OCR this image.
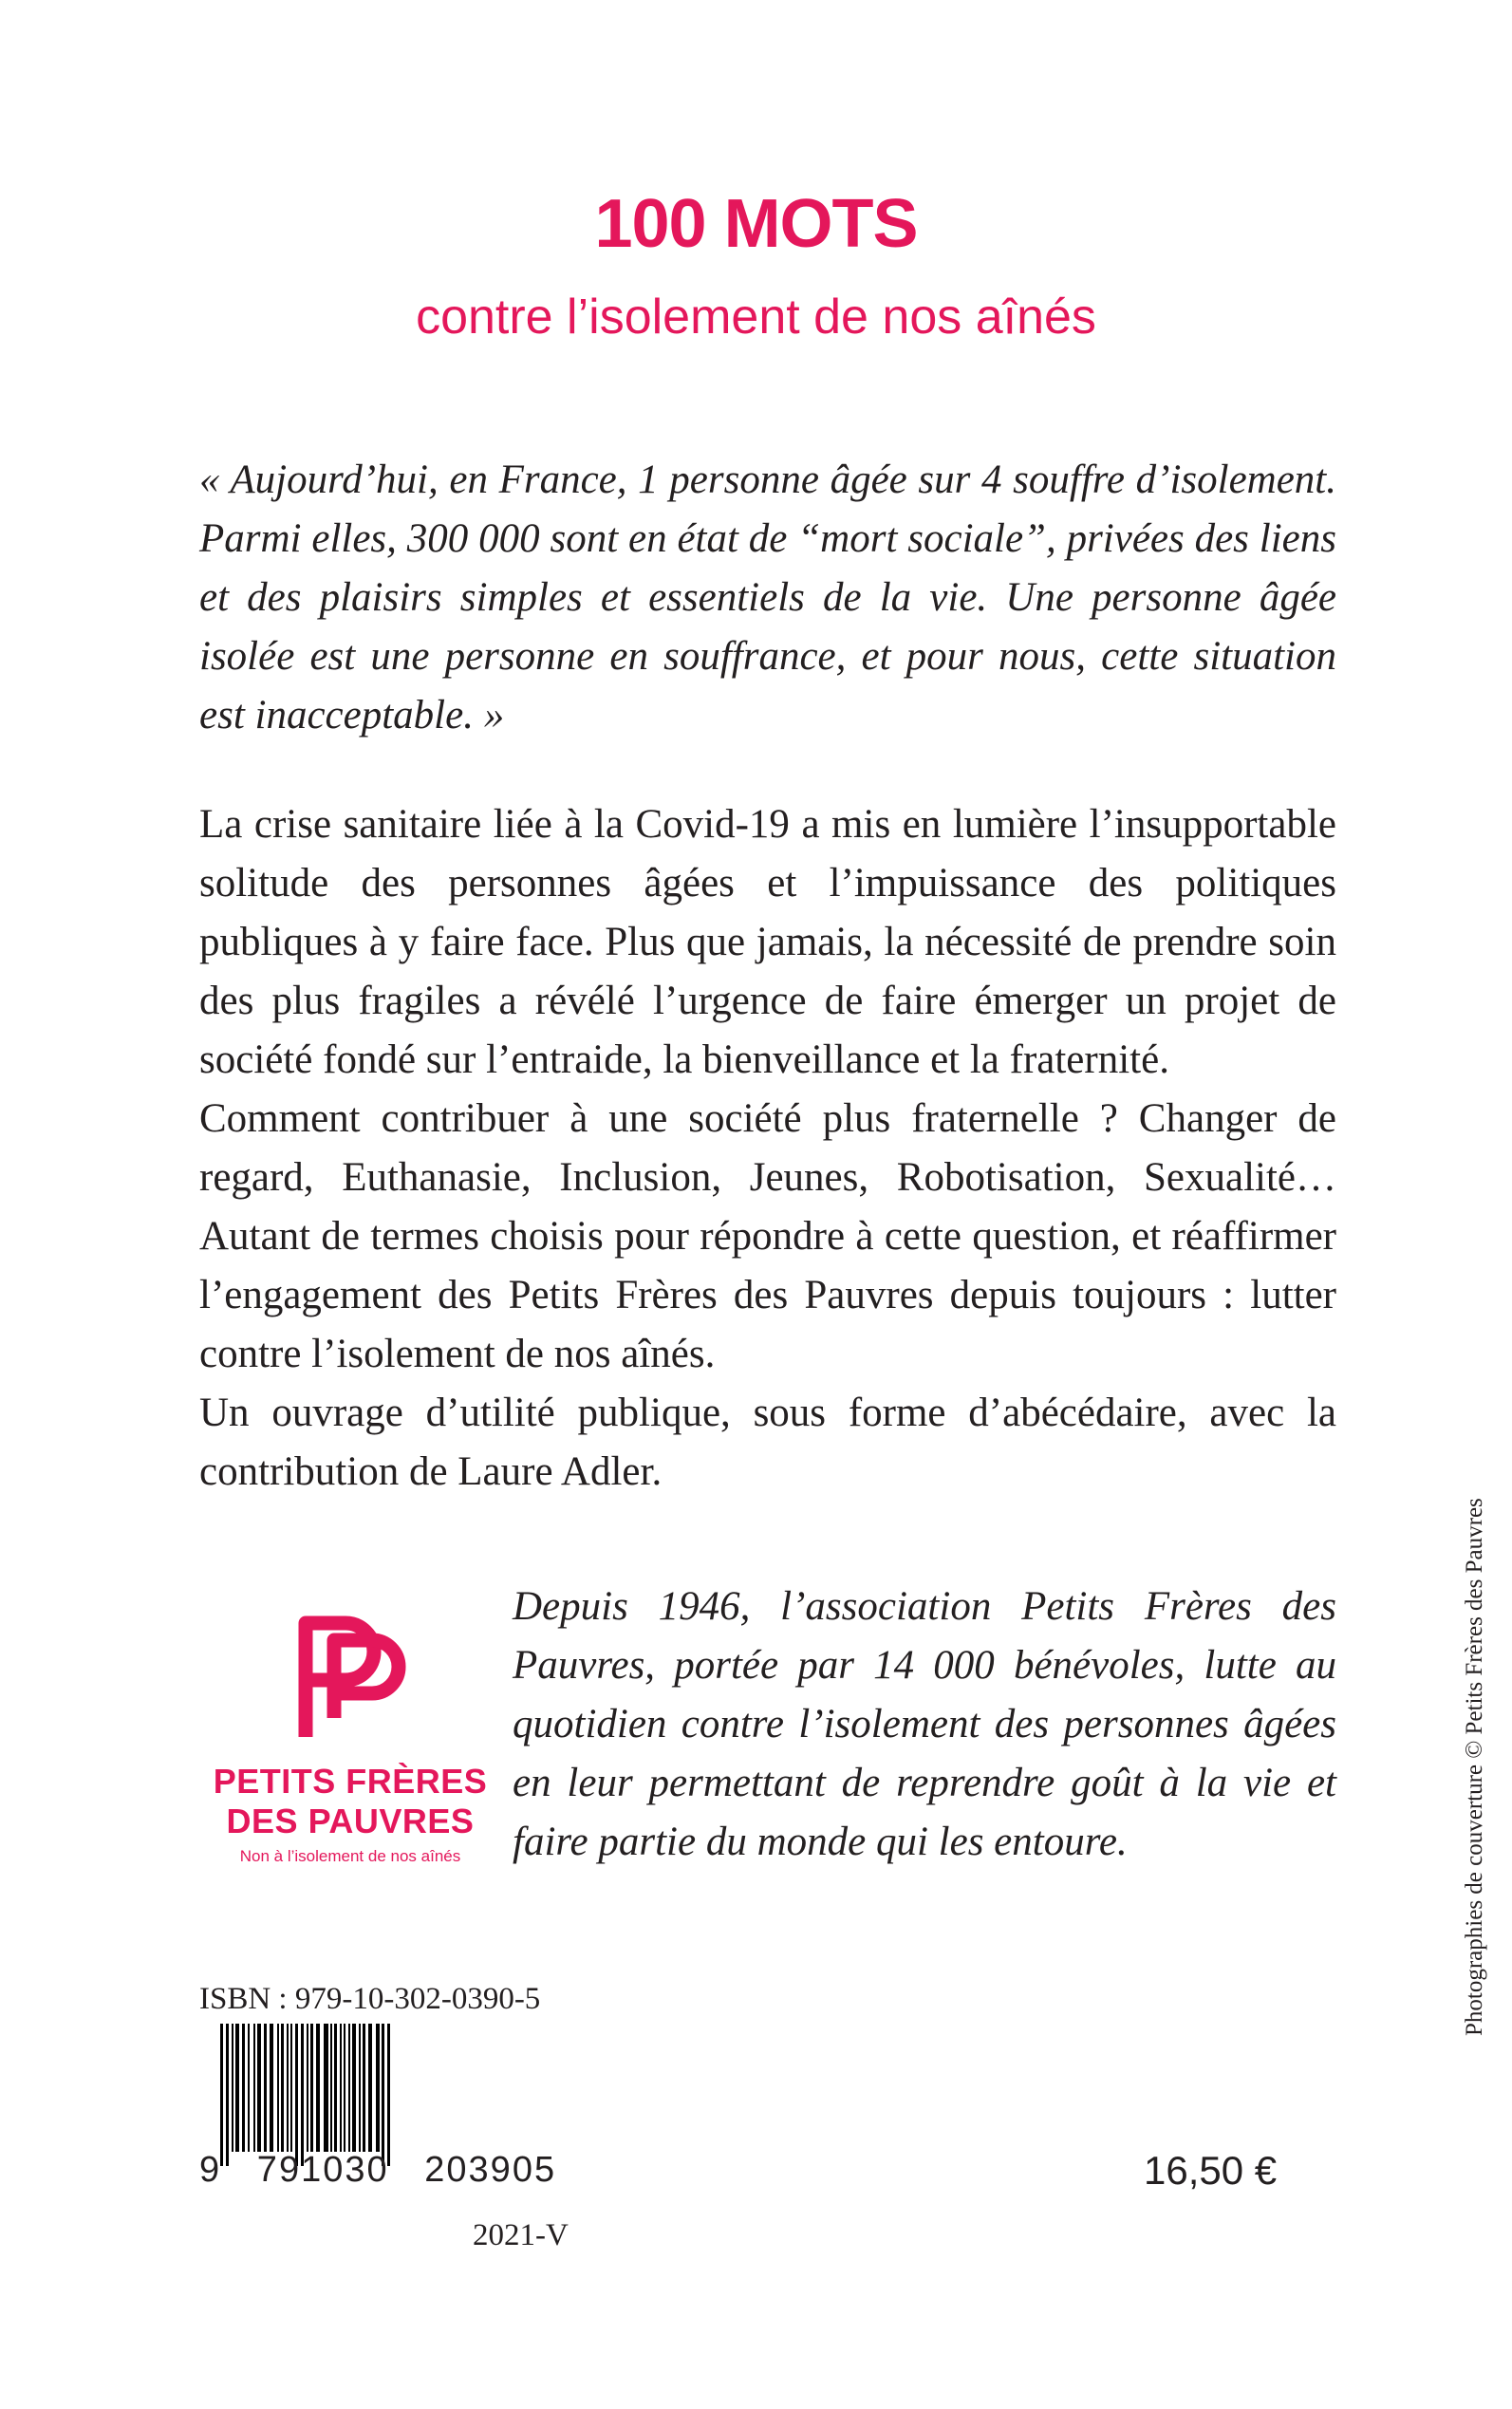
100 MOTS
contre l’isolement de nos aînés

« Aujourd’hui, en France, 1 personne âgée sur 4 souffre d’isolement. Parmi elles, 300 000 sont en état de “mort sociale”, privées des liens et des plaisirs simples et essentiels de la vie. Une personne âgée isolée est une personne en souffrance, et pour nous, cette situation est inacceptable. »

La crise sanitaire liée à la Covid-19 a mis en lumière l’insupportable solitude des personnes âgées et l’impuissance des politiques publiques à y faire face. Plus que jamais, la nécessité de prendre soin des plus fragiles a révélé l’urgence de faire émerger un projet de société fondé sur l’entraide, la bienveillance et la fraternité.

Comment contribuer à une société plus fraternelle ? Changer de regard, Euthanasie, Inclusion, Jeunes, Robotisation, Sexualité… Autant de termes choisis pour répondre à cette question, et réaffirmer l’engagement des Petits Frères des Pauvres depuis toujours : lutter contre l’isolement de nos aînés.

Un ouvrage d’utilité publique, sous forme d’abécédaire, avec la contribution de Laure Adler.

PETITS FRÈRES
DES PAUVRES
Non à l’isolement de nos aînés

Depuis 1946, l’association Petits Frères des Pauvres, portée par 14 000 bénévoles, lutte au quotidien contre l’isolement des personnes âgées en leur permettant de reprendre goût à la vie et faire partie du monde qui les entoure.	Photographies de couverture © Petits Frères des Pauvres
ISBN : 979-10-302-0390-5
9   791030   203905
2021-V
16,50 €
